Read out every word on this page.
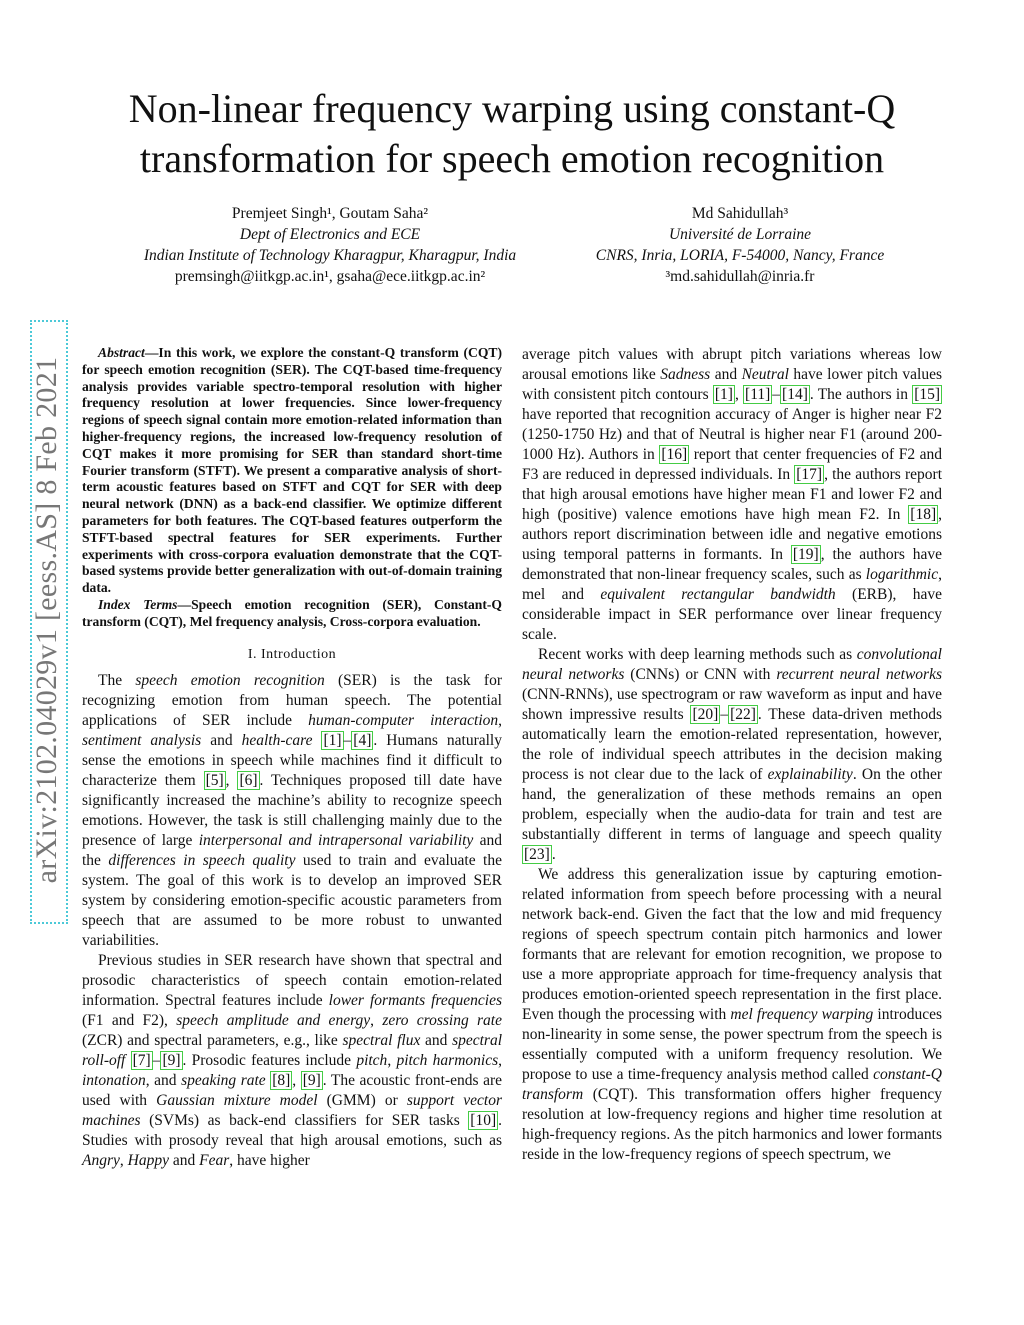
Non-linear frequency warping using constant-Q transformation for speech emotion recognition
Premjeet Singh¹, Goutam Saha²
Dept of Electronics and ECE
Indian Institute of Technology Kharagpur, Kharagpur, India
premsingh@iitkgp.ac.in¹, gsaha@ece.iitkgp.ac.in²
Md Sahidullah³
Université de Lorraine
CNRS, Inria, LORIA, F-54000, Nancy, France
³md.sahidullah@inria.fr
arXiv:2102.04029v1 [eess.AS] 8 Feb 2021

Abstract—In this work, we explore the constant-Q transform (CQT) for speech emotion recognition (SER). The CQT-based time-frequency analysis provides variable spectro-temporal resolution with higher frequency resolution at lower frequencies. Since lower-frequency regions of speech signal contain more emotion-related information than higher-frequency regions, the increased low-frequency resolution of CQT makes it more promising for SER than standard short-time Fourier transform (STFT). We present a comparative analysis of short-term acoustic features based on STFT and CQT for SER with deep neural network (DNN) as a back-end classifier. We optimize different parameters for both features. The CQT-based features outperform the STFT-based spectral features for SER experiments. Further experiments with cross-corpora evaluation demonstrate that the CQT-based systems provide better generalization with out-of-domain training data.

Index Terms—Speech emotion recognition (SER), Constant-Q transform (CQT), Mel frequency analysis, Cross-corpora evaluation.

I. Introduction

The speech emotion recognition (SER) is the task for recognizing emotion from human speech. The potential applications of SER include human-computer interaction, sentiment analysis and health-care [1] – [4] . Humans naturally sense the emotions in speech while machines find it difficult to characterize them [5] , [6] . Techniques proposed till date have significantly increased the machine’s ability to recognize speech emotions. However, the task is still challenging mainly due to the presence of large interpersonal and intrapersonal variability and the differences in speech quality used to train and evaluate the system. The goal of this work is to develop an improved SER system by considering emotion-specific acoustic parameters from speech that are assumed to be more robust to unwanted variabilities.

Previous studies in SER research have shown that spectral and prosodic characteristics of speech contain emotion-related information. Spectral features include lower formants frequencies (F1 and F2), speech amplitude and energy, zero crossing rate (ZCR) and spectral parameters, e.g., like spectral flux and spectral roll-off [7] – [9] . Prosodic features include pitch, pitch harmonics, intonation, and speaking rate [8] , [9] . The acoustic front-ends are used with Gaussian mixture model (GMM) or support vector machines (SVMs) as back-end classifiers for SER tasks [10] . Studies with prosody reveal that high arousal emotions, such as Angry, Happy and Fear, have higher

average pitch values with abrupt pitch variations whereas low arousal emotions like Sadness and Neutral have lower pitch values with consistent pitch contours [1] , [11] – [14] . The authors in [15] have reported that recognition accuracy of Anger is higher near F2 (1250-1750 Hz) and that of Neutral is higher near F1 (around 200-1000 Hz). Authors in [16] report that center frequencies of F2 and F3 are reduced in depressed individuals. In [17] , the authors report that high arousal emotions have higher mean F1 and lower F2 and high (positive) valence emotions have high mean F2. In [18] , authors report discrimination between idle and negative emotions using temporal patterns in formants. In [19] , the authors have demonstrated that non-linear frequency scales, such as logarithmic, mel and equivalent rectangular bandwidth (ERB), have considerable impact in SER performance over linear frequency scale.

Recent works with deep learning methods such as convolutional neural networks (CNNs) or CNN with recurrent neural networks (CNN-RNNs), use spectrogram or raw waveform as input and have shown impressive results [20] – [22] . These data-driven methods automatically learn the emotion-related representation, however, the role of individual speech attributes in the decision making process is not clear due to the lack of explainability. On the other hand, the generalization of these methods remains an open problem, especially when the audio-data for train and test are substantially different in terms of language and speech quality [23] .

We address this generalization issue by capturing emotion-related information from speech before processing with a neural network back-end. Given the fact that the low and mid frequency regions of speech spectrum contain pitch harmonics and lower formants that are relevant for emotion recognition, we propose to use a more appropriate approach for time-frequency analysis that produces emotion-oriented speech representation in the first place. Even though the processing with mel frequency warping introduces non-linearity in some sense, the power spectrum from the speech is essentially computed with a uniform frequency resolution. We propose to use a time-frequency analysis method called constant-Q transform (CQT). This transformation offers higher frequency resolution at low-frequency regions and higher time resolution at high-frequency regions. As the pitch harmonics and lower formants reside in the low-frequency regions of speech spectrum, we
